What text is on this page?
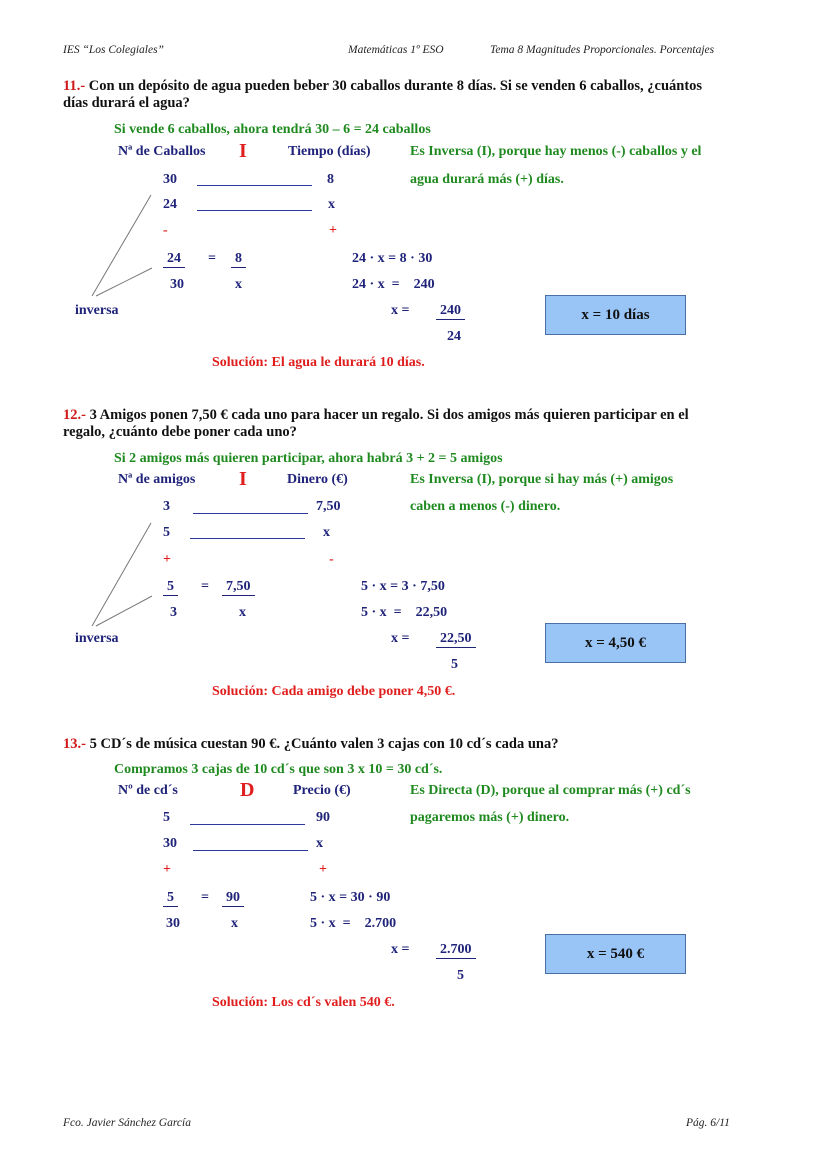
IES “Los Colegiales”	Matemáticas 1º ESO	Tema 8 Magnitudes Proporcionales. Porcentajes
11.- Con un depósito de agua pueden beber 30 caballos durante 8 días. Si se venden 6 caballos, ¿cuántos
días durará el agua?
Si vende 6 caballos, ahora tendrá 30 – 6 = 24 caballos
Nª de Caballos I	Tiempo (días)	Es Inversa (I), porque hay menos (-) caballos y el
agua durará más (+) días.
30	8
24	x
-	+
24 = 8
30	x
inversa
24 · x = 8 · 30
24 · x  =    240
x = 240
24
x = 10 días
Solución: El agua le durará 10 días.
12.- 3 Amigos ponen 7,50 € cada uno para hacer un regalo. Si dos amigos más quieren participar en el
regalo, ¿cuánto debe poner cada uno?
Si 2 amigos más quieren participar, ahora habrá 3 + 2 = 5 amigos
Nª de amigos I	Dinero (€)	Es Inversa (I), porque si hay más (+) amigos
caben a menos (-) dinero.
3	7,50
5	x
+	-
5 = 7,50
3	x
inversa
5 · x = 3 · 7,50
5 · x  =    22,50
x = 22,50
5
x = 4,50 €
Solución: Cada amigo debe poner 4,50 €.
13.- 5 CD´s de música cuestan 90 €. ¿Cuánto valen 3 cajas con 10 cd´s cada una?
Compramos 3 cajas de 10 cd´s que son 3 x 10 = 30 cd´s.
Nº de cd´s	D	Precio (€)	Es Directa (D), porque al comprar más (+) cd´s
pagaremos más (+) dinero.
5	90
30	x
+	+
5 = 90
30	x
5 · x = 30 · 90
5 · x  =    2.700
x = 2.700
5
x = 540 €
Solución: Los cd´s valen 540 €.
Fco. Javier Sánchez García	Pág. 6/11
